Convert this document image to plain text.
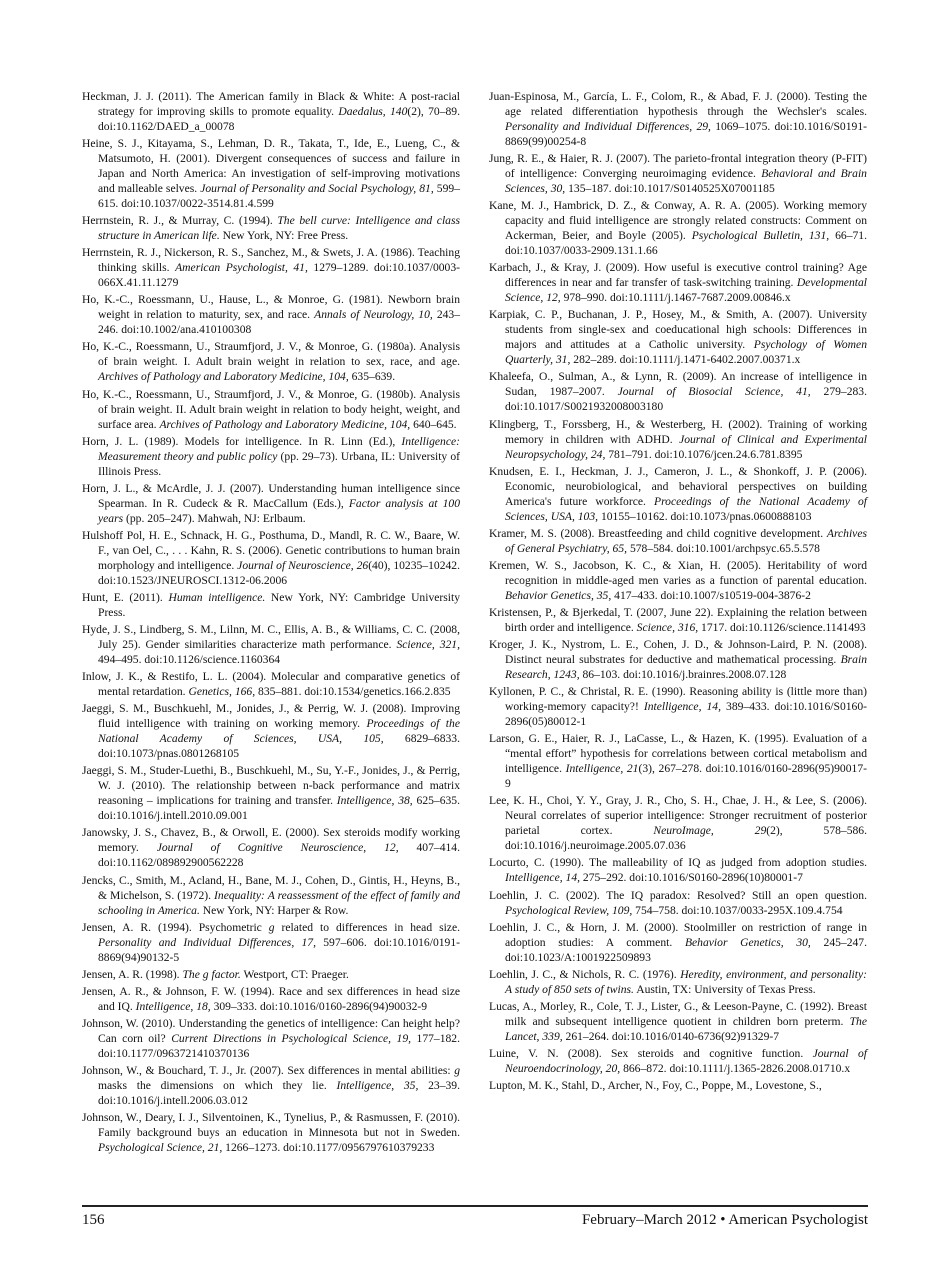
Heckman, J. J. (2011). The American family in Black & White: A post-racial strategy for improving skills to promote equality. Daedalus, 140(2), 70–89. doi:10.1162/DAED_a_00078

Heine, S. J., Kitayama, S., Lehman, D. R., Takata, T., Ide, E., Lueng, C., & Matsumoto, H. (2001). Divergent consequences of success and failure in Japan and North America: An investigation of self-improving motivations and malleable selves. Journal of Personality and Social Psychology, 81, 599–615. doi:10.1037/0022-3514.81.4.599

Herrnstein, R. J., & Murray, C. (1994). The bell curve: Intelligence and class structure in American life. New York, NY: Free Press.

Herrnstein, R. J., Nickerson, R. S., Sanchez, M., & Swets, J. A. (1986). Teaching thinking skills. American Psychologist, 41, 1279–1289. doi:10.1037/0003-066X.41.11.1279

Ho, K.-C., Roessmann, U., Hause, L., & Monroe, G. (1981). Newborn brain weight in relation to maturity, sex, and race. Annals of Neurology, 10, 243–246. doi:10.1002/ana.410100308

Ho, K.-C., Roessmann, U., Straumfjord, J. V., & Monroe, G. (1980a). Analysis of brain weight. I. Adult brain weight in relation to sex, race, and age. Archives of Pathology and Laboratory Medicine, 104, 635–639.

Ho, K.-C., Roessmann, U., Straumfjord, J. V., & Monroe, G. (1980b). Analysis of brain weight. II. Adult brain weight in relation to body height, weight, and surface area. Archives of Pathology and Laboratory Medicine, 104, 640–645.

Horn, J. L. (1989). Models for intelligence. In R. Linn (Ed.), Intelligence: Measurement theory and public policy (pp. 29–73). Urbana, IL: University of Illinois Press.

Horn, J. L., & McArdle, J. J. (2007). Understanding human intelligence since Spearman. In R. Cudeck & R. MacCallum (Eds.), Factor analysis at 100 years (pp. 205–247). Mahwah, NJ: Erlbaum.

Hulshoff Pol, H. E., Schnack, H. G., Posthuma, D., Mandl, R. C. W., Baare, W. F., van Oel, C., . . . Kahn, R. S. (2006). Genetic contributions to human brain morphology and intelligence. Journal of Neuroscience, 26(40), 10235–10242. doi:10.1523/JNEUROSCI.1312-06.2006

Hunt, E. (2011). Human intelligence. New York, NY: Cambridge University Press.

Hyde, J. S., Lindberg, S. M., Lilnn, M. C., Ellis, A. B., & Williams, C. C. (2008, July 25). Gender similarities characterize math performance. Science, 321, 494–495. doi:10.1126/science.1160364

Inlow, J. K., & Restifo, L. L. (2004). Molecular and comparative genetics of mental retardation. Genetics, 166, 835–881. doi:10.1534/genetics.166.2.835

Jaeggi, S. M., Buschkuehl, M., Jonides, J., & Perrig, W. J. (2008). Improving fluid intelligence with training on working memory. Proceedings of the National Academy of Sciences, USA, 105, 6829–6833. doi:10.1073/pnas.0801268105

Jaeggi, S. M., Studer-Luethi, B., Buschkuehl, M., Su, Y.-F., Jonides, J., & Perrig, W. J. (2010). The relationship between n-back performance and matrix reasoning – implications for training and transfer. Intelligence, 38, 625–635. doi:10.1016/j.intell.2010.09.001

Janowsky, J. S., Chavez, B., & Orwoll, E. (2000). Sex steroids modify working memory. Journal of Cognitive Neuroscience, 12, 407–414. doi:10.1162/089892900562228

Jencks, C., Smith, M., Acland, H., Bane, M. J., Cohen, D., Gintis, H., Heyns, B., & Michelson, S. (1972). Inequality: A reassessment of the effect of family and schooling in America. New York, NY: Harper & Row.

Jensen, A. R. (1994). Psychometric g related to differences in head size. Personality and Individual Differences, 17, 597–606. doi:10.1016/0191-8869(94)90132-5

Jensen, A. R. (1998). The g factor. Westport, CT: Praeger.

Jensen, A. R., & Johnson, F. W. (1994). Race and sex differences in head size and IQ. Intelligence, 18, 309–333. doi:10.1016/0160-2896(94)90032-9

Johnson, W. (2010). Understanding the genetics of intelligence: Can height help? Can corn oil? Current Directions in Psychological Science, 19, 177–182. doi:10.1177/0963721410370136

Johnson, W., & Bouchard, T. J., Jr. (2007). Sex differences in mental abilities: g masks the dimensions on which they lie. Intelligence, 35, 23–39. doi:10.1016/j.intell.2006.03.012

Johnson, W., Deary, I. J., Silventoinen, K., Tynelius, P., & Rasmussen, F. (2010). Family background buys an education in Minnesota but not in Sweden. Psychological Science, 21, 1266–1273. doi:10.1177/0956797610379233

Juan-Espinosa, M., García, L. F., Colom, R., & Abad, F. J. (2000). Testing the age related differentiation hypothesis through the Wechsler's scales. Personality and Individual Differences, 29, 1069–1075. doi:10.1016/S0191-8869(99)00254-8

Jung, R. E., & Haier, R. J. (2007). The parieto-frontal integration theory (P-FIT) of intelligence: Converging neuroimaging evidence. Behavioral and Brain Sciences, 30, 135–187. doi:10.1017/S0140525X07001185

Kane, M. J., Hambrick, D. Z., & Conway, A. R. A. (2005). Working memory capacity and fluid intelligence are strongly related constructs: Comment on Ackerman, Beier, and Boyle (2005). Psychological Bulletin, 131, 66–71. doi:10.1037/0033-2909.131.1.66

Karbach, J., & Kray, J. (2009). How useful is executive control training? Age differences in near and far transfer of task-switching training. Developmental Science, 12, 978–990. doi:10.1111/j.1467-7687.2009.00846.x

Karpiak, C. P., Buchanan, J. P., Hosey, M., & Smith, A. (2007). University students from single-sex and coeducational high schools: Differences in majors and attitudes at a Catholic university. Psychology of Women Quarterly, 31, 282–289. doi:10.1111/j.1471-6402.2007.00371.x

Khaleefa, O., Sulman, A., & Lynn, R. (2009). An increase of intelligence in Sudan, 1987–2007. Journal of Biosocial Science, 41, 279–283. doi:10.1017/S0021932008003180

Klingberg, T., Forssberg, H., & Westerberg, H. (2002). Training of working memory in children with ADHD. Journal of Clinical and Experimental Neuropsychology, 24, 781–791. doi:10.1076/jcen.24.6.781.8395

Knudsen, E. I., Heckman, J. J., Cameron, J. L., & Shonkoff, J. P. (2006). Economic, neurobiological, and behavioral perspectives on building America's future workforce. Proceedings of the National Academy of Sciences, USA, 103, 10155–10162. doi:10.1073/pnas.0600888103

Kramer, M. S. (2008). Breastfeeding and child cognitive development. Archives of General Psychiatry, 65, 578–584. doi:10.1001/archpsyc.65.5.578

Kremen, W. S., Jacobson, K. C., & Xian, H. (2005). Heritability of word recognition in middle-aged men varies as a function of parental education. Behavior Genetics, 35, 417–433. doi:10.1007/s10519-004-3876-2

Kristensen, P., & Bjerkedal, T. (2007, June 22). Explaining the relation between birth order and intelligence. Science, 316, 1717. doi:10.1126/science.1141493

Kroger, J. K., Nystrom, L. E., Cohen, J. D., & Johnson-Laird, P. N. (2008). Distinct neural substrates for deductive and mathematical processing. Brain Research, 1243, 86–103. doi:10.1016/j.brainres.2008.07.128

Kyllonen, P. C., & Christal, R. E. (1990). Reasoning ability is (little more than) working-memory capacity?! Intelligence, 14, 389–433. doi:10.1016/S0160-2896(05)80012-1

Larson, G. E., Haier, R. J., LaCasse, L., & Hazen, K. (1995). Evaluation of a “mental effort” hypothesis for correlations between cortical metabolism and intelligence. Intelligence, 21(3), 267–278. doi:10.1016/0160-2896(95)90017-9

Lee, K. H., Choi, Y. Y., Gray, J. R., Cho, S. H., Chae, J. H., & Lee, S. (2006). Neural correlates of superior intelligence: Stronger recruitment of posterior parietal cortex. NeuroImage, 29(2), 578–586. doi:10.1016/j.neuroimage.2005.07.036

Locurto, C. (1990). The malleability of IQ as judged from adoption studies. Intelligence, 14, 275–292. doi:10.1016/S0160-2896(10)80001-7

Loehlin, J. C. (2002). The IQ paradox: Resolved? Still an open question. Psychological Review, 109, 754–758. doi:10.1037/0033-295X.109.4.754

Loehlin, J. C., & Horn, J. M. (2000). Stoolmiller on restriction of range in adoption studies: A comment. Behavior Genetics, 30, 245–247. doi:10.1023/A:1001922509893

Loehlin, J. C., & Nichols, R. C. (1976). Heredity, environment, and personality: A study of 850 sets of twins. Austin, TX: University of Texas Press.

Lucas, A., Morley, R., Cole, T. J., Lister, G., & Leeson-Payne, C. (1992). Breast milk and subsequent intelligence quotient in children born preterm. The Lancet, 339, 261–264. doi:10.1016/0140-6736(92)91329-7

Luine, V. N. (2008). Sex steroids and cognitive function. Journal of Neuroendocrinology, 20, 866–872. doi:10.1111/j.1365-2826.2008.01710.x

Lupton, M. K., Stahl, D., Archer, N., Foy, C., Poppe, M., Lovestone, S.,

156	February–March 2012 • American Psychologist
